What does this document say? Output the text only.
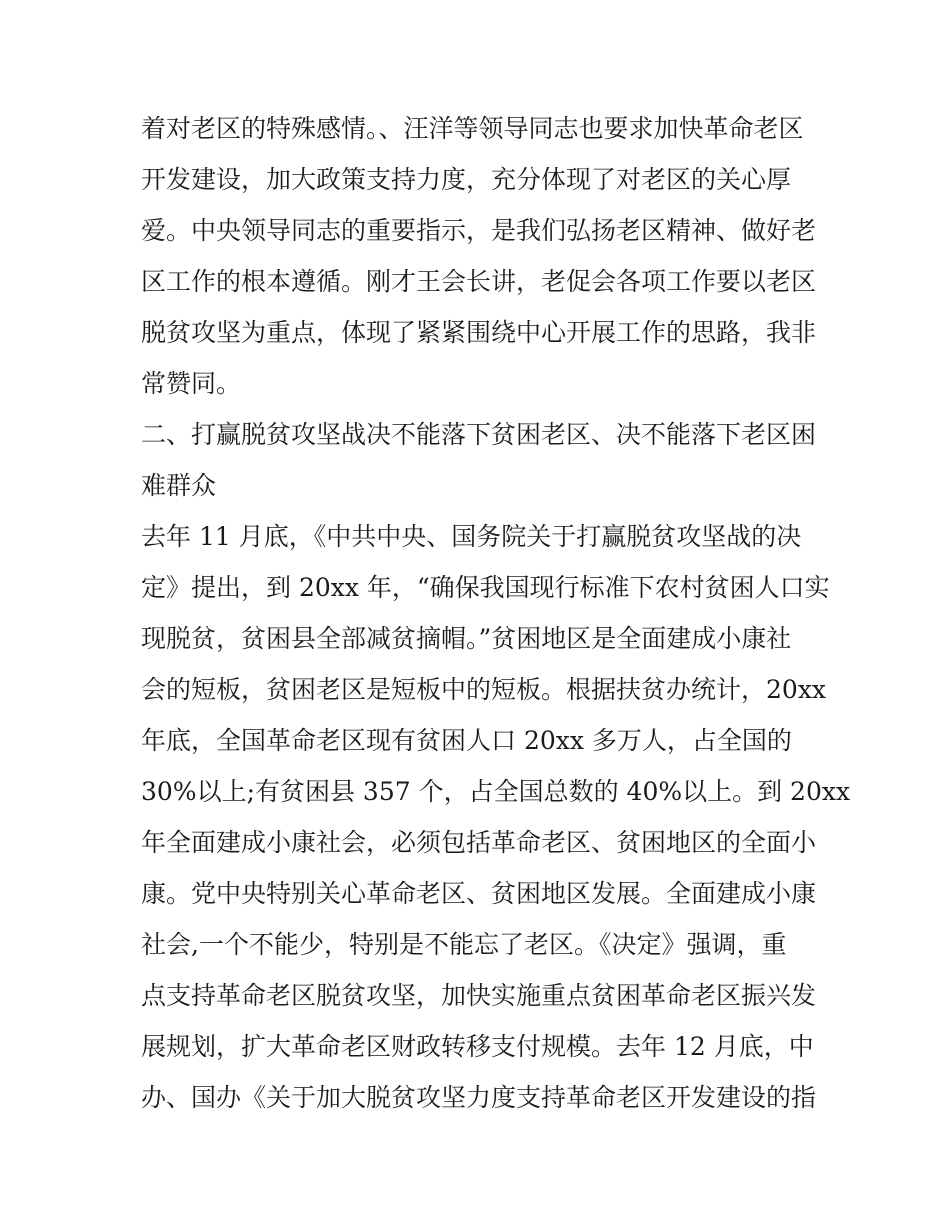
着对老区的特殊感情。、汪洋等领导同志也要求加快革命老区
开发建设，加大政策支持力度，充分体现了对老区的关心厚
爱。中央领导同志的重要指示，是我们弘扬老区精神、做好老
区工作的根本遵循。刚才王会长讲，老促会各项工作要以老区
脱贫攻坚为重点，体现了紧紧围绕中心开展工作的思路，我非
常赞同。
二、打赢脱贫攻坚战决不能落下贫困老区、决不能落下老区困
难群众
去年 11 月底，《中共中央、国务院关于打赢脱贫攻坚战的决
定》提出，到 20xx 年，“确保我国现行标准下农村贫困人口实
现脱贫，贫困县全部减贫摘帽。”贫困地区是全面建成小康社
会的短板，贫困老区是短板中的短板。根据扶贫办统计，20xx
年底，全国革命老区现有贫困人口 20xx 多万人，占全国的
30%以上;有贫困县 357 个，占全国总数的 40%以上。到 20xx
年全面建成小康社会，必须包括革命老区、贫困地区的全面小
康。党中央特别关心革命老区、贫困地区发展。全面建成小康
社会,一个不能少，特别是不能忘了老区。《决定》强调，重
点支持革命老区脱贫攻坚，加快实施重点贫困革命老区振兴发
展规划，扩大革命老区财政转移支付规模。去年 12 月底，中
办、国办《关于加大脱贫攻坚力度支持革命老区开发建设的指
